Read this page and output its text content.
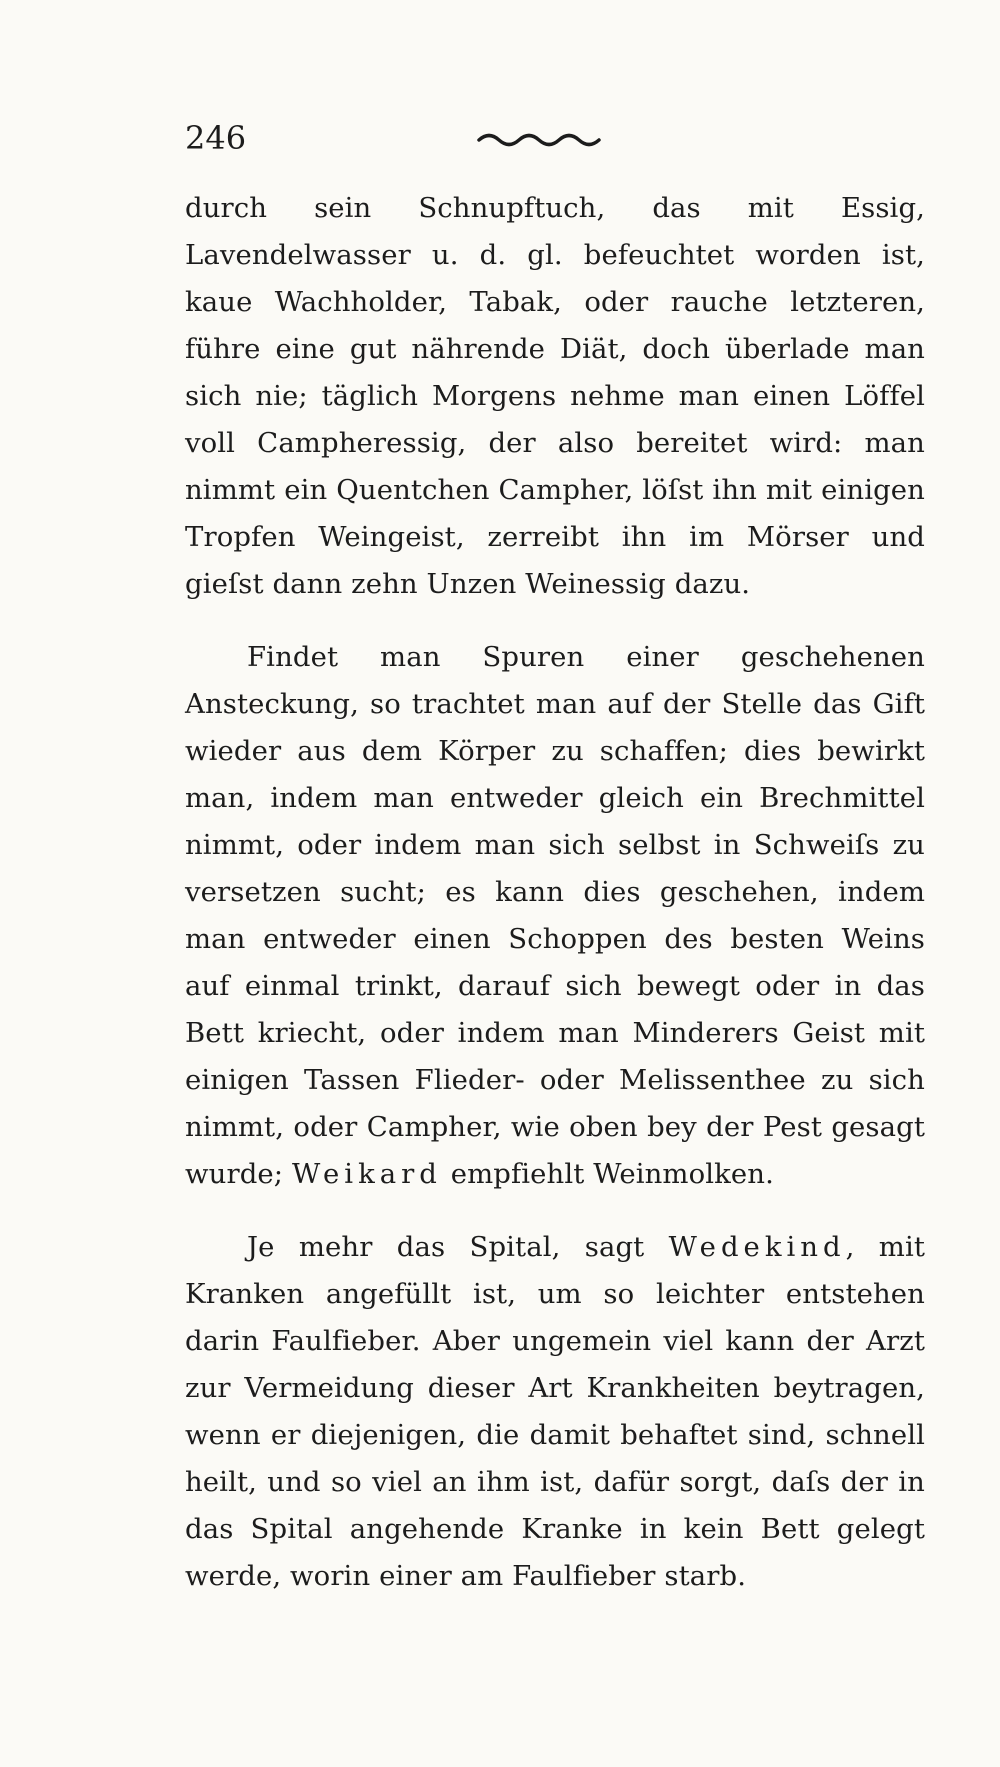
246

durch sein Schnupftuch, das mit Essig, Lavendelwasser u. d. gl. befeuchtet worden ist, kaue Wachholder, Tabak, oder rauche letzteren, führe eine gut nährende Diät, doch überlade man sich nie; täglich Morgens nehme man einen Löffel voll Campheressig, der also bereitet wird: man nimmt ein Quentchen Campher, löſst ihn mit einigen Tropfen Weingeist, zerreibt ihn im Mörser und gieſst dann zehn Unzen Weinessig dazu.

Findet man Spuren einer geschehenen Ansteckung, so trachtet man auf der Stelle das Gift wieder aus dem Körper zu schaffen; dies bewirkt man, indem man entweder gleich ein Brechmittel nimmt, oder indem man sich selbst in Schweiſs zu versetzen sucht; es kann dies geschehen, indem man entweder einen Schoppen des besten Weins auf einmal trinkt, darauf sich bewegt oder in das Bett kriecht, oder indem man Minderers Geist mit einigen Tassen Flieder- oder Melissenthee zu sich nimmt, oder Campher, wie oben bey der Pest gesagt wurde; Weikard empfiehlt Weinmolken.

Je mehr das Spital, sagt Wedekind, mit Kranken angefüllt ist, um so leichter entstehen darin Faulfieber. Aber ungemein viel kann der Arzt zur Vermeidung dieser Art Krankheiten beytragen, wenn er diejenigen, die damit behaftet sind, schnell heilt, und so viel an ihm ist, dafür sorgt, daſs der in das Spital angehende Kranke in kein Bett gelegt werde, worin einer am Faulfieber starb.
